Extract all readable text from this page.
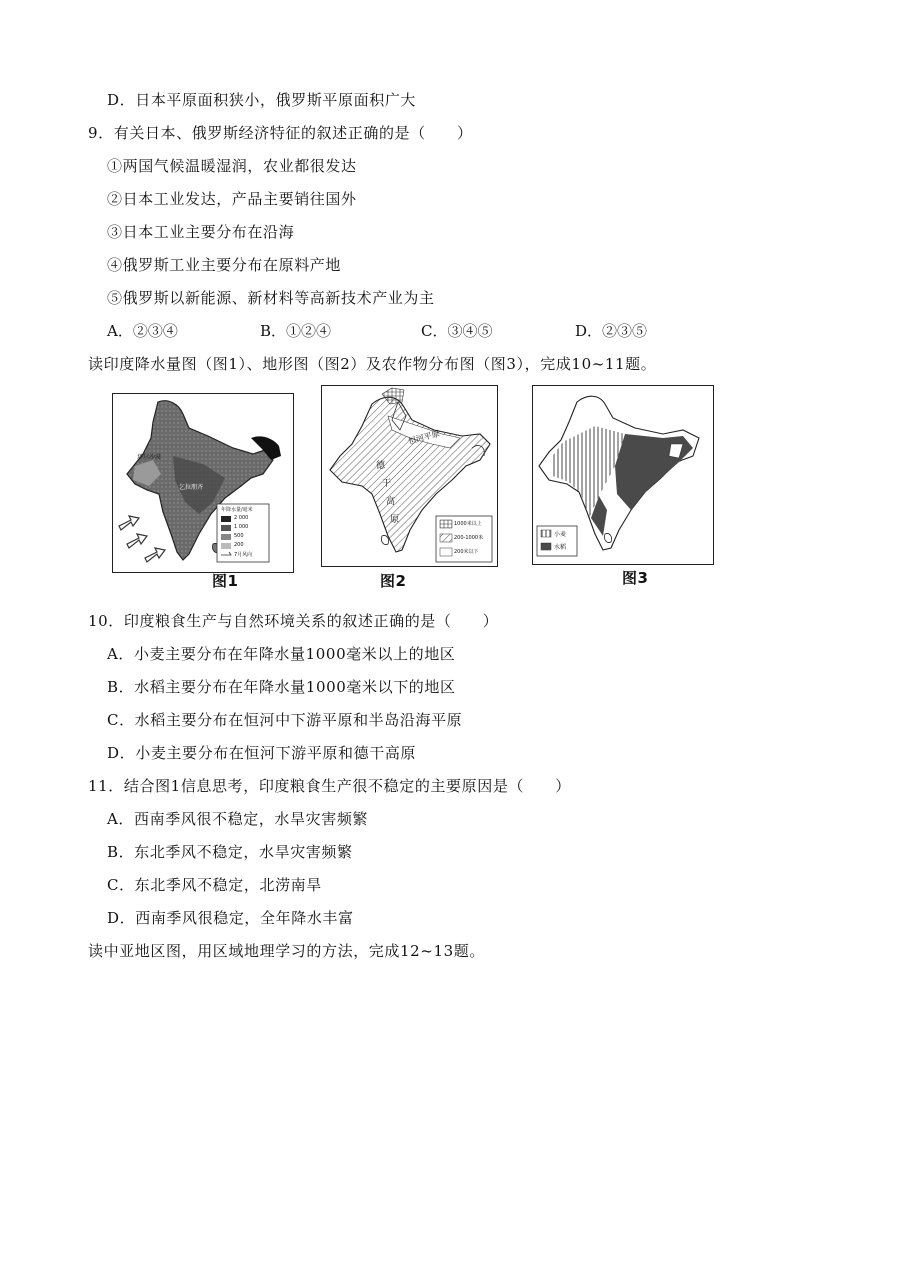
D．日本平原面积狭小，俄罗斯平原面积广大
9．有关日本、俄罗斯经济特征的叙述正确的是（　　）
①两国气候温暖湿润，农业都很发达
②日本工业发达，产品主要销往国外
③日本工业主要分布在沿海
④俄罗斯工业主要分布在原料产地
⑤俄罗斯以新能源、新材料等高新技术产业为主
A．②③④	B．①②④	C．③④⑤	D．②③⑤
读印度降水量图（图1）、地形图（图2）及农作物分布图（图3），完成10~11题。
乞拉朋齐
塔尔沙漠
年降水量/毫米
2 000
1 000
500
200
7月风向
图1
恒河平原
德
干
高
原	1000米以上
200-1000米
200米以下
图2
小麦
水稻
图3
10．印度粮食生产与自然环境关系的叙述正确的是（　　）
A．小麦主要分布在年降水量1000毫米以上的地区
B．水稻主要分布在年降水量1000毫米以下的地区
C．水稻主要分布在恒河中下游平原和半岛沿海平原
D．小麦主要分布在恒河下游平原和德干高原
11．结合图1信息思考，印度粮食生产很不稳定的主要原因是（　　）
A．西南季风很不稳定，水旱灾害频繁
B．东北季风不稳定，水旱灾害频繁
C．东北季风不稳定，北涝南旱
D．西南季风很稳定，全年降水丰富
读中亚地区图，用区域地理学习的方法，完成12~13题。
